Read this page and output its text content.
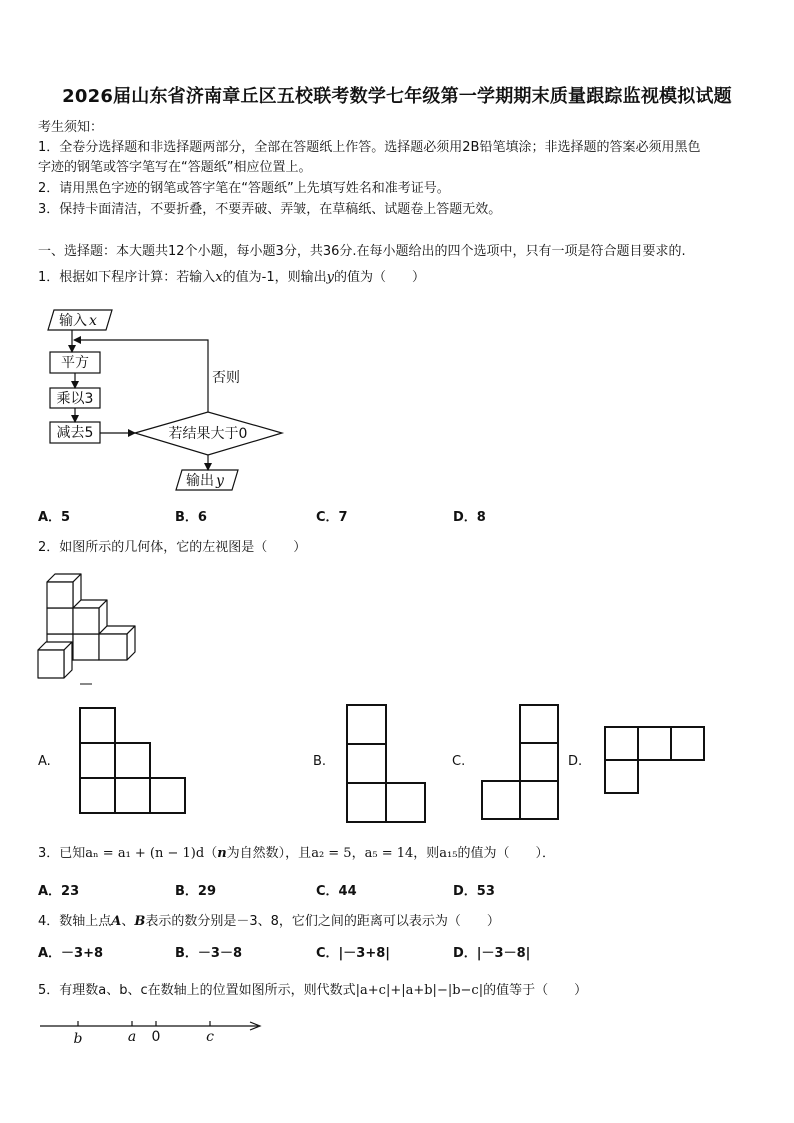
2026届山东省济南章丘区五校联考数学七年级第一学期期末质量跟踪监视模拟试题
考生须知：
1．全卷分选择题和非选择题两部分，全部在答题纸上作答。选择题必须用2B铅笔填涂；非选择题的答案必须用黑色
字迹的钢笔或答字笔写在“答题纸”相应位置上。
2．请用黑色字迹的钢笔或答字笔在“答题纸”上先填写姓名和准考证号。
3．保持卡面清洁，不要折叠，不要弄破、弄皱，在草稿纸、试题卷上答题无效。
一、选择题：本大题共12个小题，每小题3分，共36分.在每小题给出的四个选项中，只有一项是符合题目要求的.
1．根据如下程序计算：若输入x的值为-1，则输出y的值为（　　）
输入 x
平方
乘以3
减去5	若结果大于0
否则
输出 y
A．5	B．6	C．7	D．8
2．如图所示的几何体，它的左视图是（　　）
A.	B.	C.	D.
3．已知aₙ = a₁ + (n − 1)d（n为自然数），且a₂ = 5，a₅ = 14，则a₁₅的值为（　　）．
A．23	B．29	C．44	D．53
4．数轴上点A、B表示的数分别是－3、8，它们之间的距离可以表示为（　　）
A．－3+8	B．－3－8	C．|－3+8|	D．|－3－8|
5．有理数a、b、c在数轴上的位置如图所示，则代数式|a+c|+|a+b|−|b−c|的值等于（　　）
b	a 0	c
